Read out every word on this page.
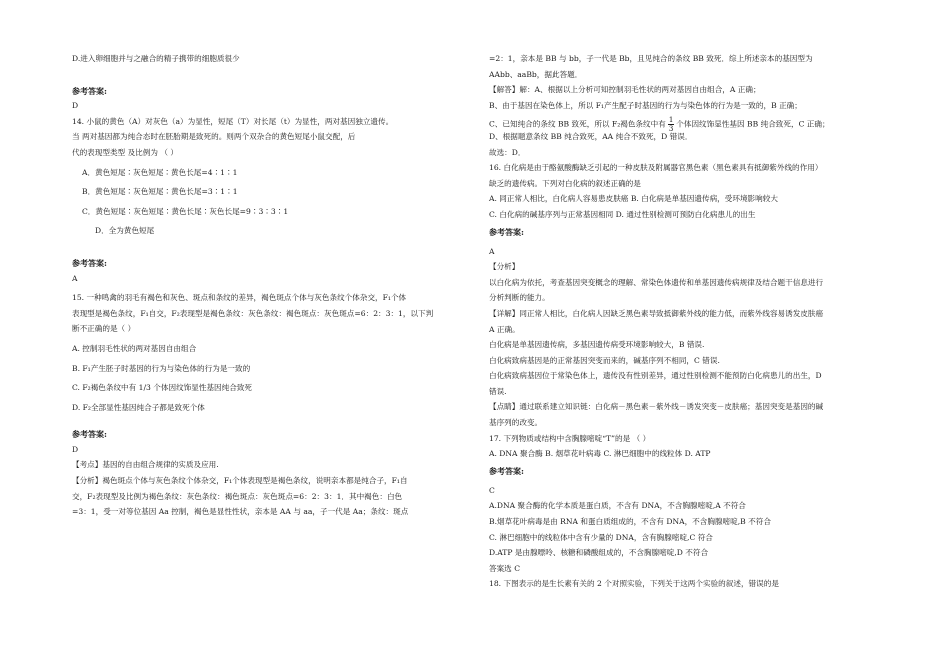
D.进入卵细胞并与之融合的精子携带的细胞质很少
参考答案:
D
14. 小鼠的黄色（A）对灰色（a）为显性，短尾（T）对长尾（t）为显性，两对基因独立遗传。
当 两对基因都为纯合态时在胚胎期是致死的。则两个双杂合的黄色短尾小鼠交配，后
代的表现型类型 及比例为 （ ）
A．黄色短尾∶灰色短尾∶黄色长尾=4∶1∶1
B．黄色短尾∶灰色短尾∶黄色长尾=3∶1∶1
C．黄色短尾∶灰色短尾∶黄色长尾∶灰色长尾=9∶3∶3∶1
D．全为黄色短尾
参考答案:
A
15. 一种鸣禽的羽毛有褐色和灰色、斑点和条纹的差异，褐色斑点个体与灰色条纹个体杂交，F₁个体
表现型是褐色条纹，F₁自交，F₂表现型是褐色条纹：灰色条纹：褐色斑点：灰色斑点=6：2：3：1，以下判
断不正确的是（ ）
A. 控制羽毛性状的两对基因自由组合
B. F₁产生胚子时基因的行为与染色体的行为是一致的
C. F₂褐色条纹中有 1/3 个体因纹饰显性基因纯合致死
D. F₂全部显性基因纯合子都是致死个体
参考答案:
D
【考点】基因的自由组合规律的实质及应用.
【分析】褐色斑点个体与灰色条纹个体杂交，F₁个体表现型是褐色条纹，说明亲本都是纯合子，F₁自
交，F₂表现型及比例为褐色条纹：灰色条纹：褐色斑点：灰色斑点=6：2：3：1．其中褐色：白色
=3：1，受一对等位基因 Aa 控制，褐色是显性性状，亲本是 AA 与 aa，子一代是 Aa；条纹：斑点
=2：1，亲本是 BB 与 bb，子一代是 Bb，且见纯合的条纹 BB 致死．综上所述亲本的基因型为
AAbb、aaBb，据此答题．
【解答】解：A、根据以上分析可知控制羽毛性状的两对基因自由组合，A 正确；
B、由于基因在染色体上，所以 F₁产生配子时基因的行为与染色体的行为是一致的，B 正确；
C、已知纯合的条纹 BB 致死，所以 F₂褐色条纹中有 $\frac{1}{3}$ 个体因纹饰显性基因 BB 纯合致死，C 正确；
D、根据题意条纹 BB 纯合致死，AA 纯合不致死，D 错误．
故选：D．
16. 白化病是由于酪氨酸酶缺乏引起的一种皮肤及附属器官黑色素（黑色素具有抵御紫外线的作用）
缺乏的遗传病。下列对白化病的叙述正确的是
A. 同正常人相比，白化病人容易患皮肤癌 B. 白化病是单基因遗传病，受环境影响较大
C. 白化病的碱基序列与正常基因相同 D. 通过性别检测可预防白化病患儿的出生
参考答案:
A
【分析】
以白化病为依托，考查基因突变概念的理解、常染色体遗传和单基因遗传病规律及结合题干信息进行
分析判断的能力。
【详解】同正常人相比，白化病人因缺乏黑色素导致抵御紫外线的能力低，而紫外线容易诱发皮肤癌
A 正确。
白化病是单基因遗传病，多基因遗传病受环境影响较大，B 错误.
白化病致病基因是的正常基因突变而来的，碱基序列不相同，C 错误.
白化病致病基因位于常染色体上，遗传没有性别差异，通过性别检测不能预防白化病患儿的出生，D
错误.
【点睛】通过联系建立知识链：白化病－黑色素－紫外线－诱发突变－皮肤癌；基因突变是基因的碱
基序列的改变。
17. 下列物质或结构中含胸腺嘧啶“T”的是 （ ）
A. DNA 聚合酶 B. 烟草花叶病毒 C. 淋巴细胞中的线粒体 D. ATP
参考答案:
C
A.DNA 聚合酶的化学本质是蛋白质，不含有 DNA，不含胸腺嘧啶,A 不符合
B.烟草花叶病毒是由 RNA 和蛋白质组成的，不含有 DNA，不含胸腺嘧啶,B 不符合
C. 淋巴细胞中的线粒体中含有少量的 DNA，含有胸腺嘧啶,C 符合
D.ATP 是由腺嘌呤、核糖和磷酸组成的，不含胸腺嘧啶,D 不符合
答案选 C
18. 下图表示的是生长素有关的 2 个对照实验，下列关于这两个实验的叙述，错误的是
